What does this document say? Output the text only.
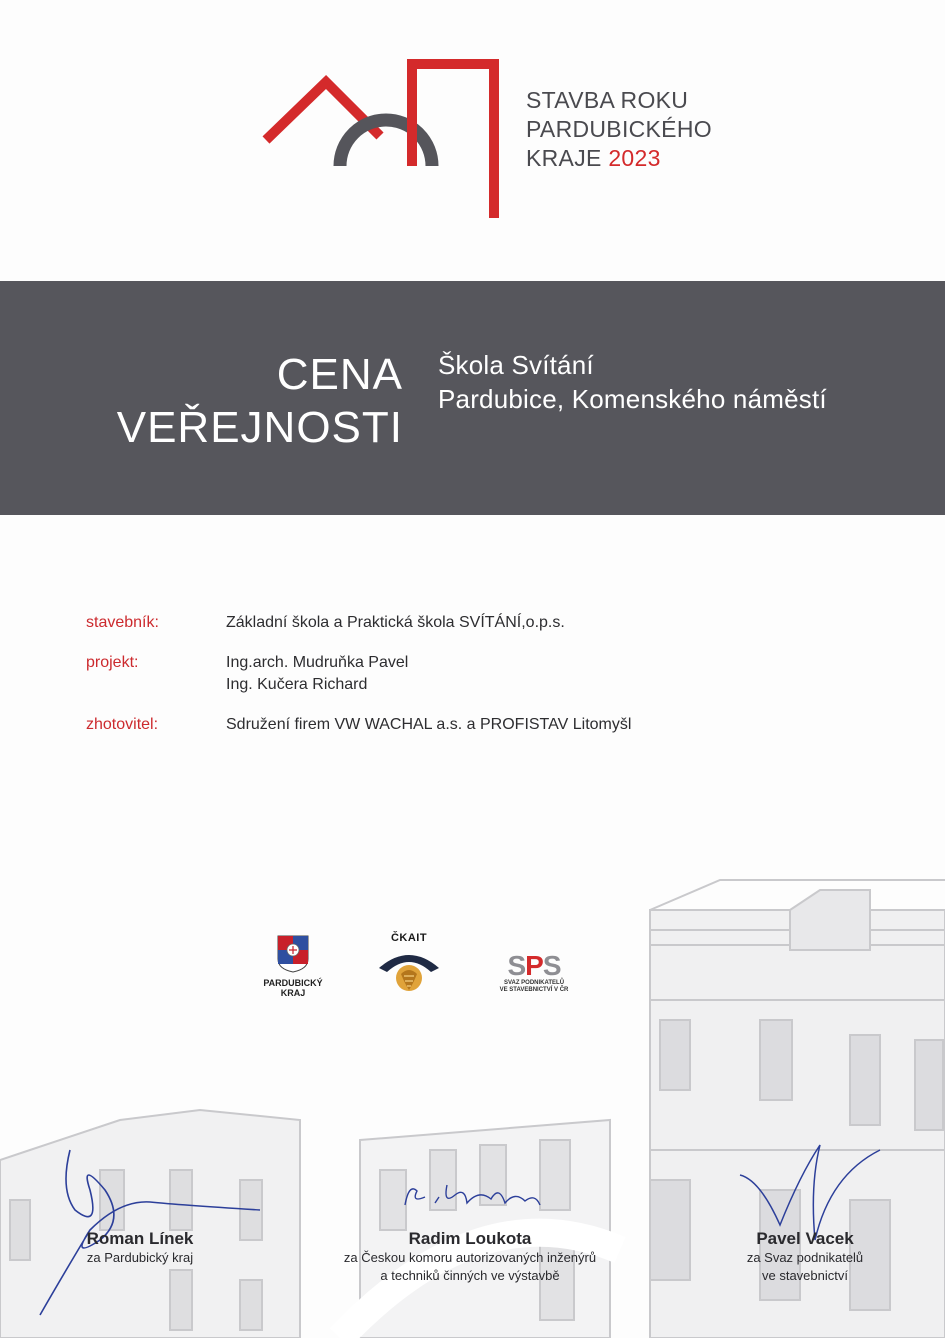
STAVBA ROKU
PARDUBICKÉHO
KRAJE 2023
CENA
VEŘEJNOSTI
Škola Svítání
Pardubice, Komenského náměstí
stavebník:	Základní škola a Praktická škola SVÍTÁNÍ,o.p.s.
projekt:	Ing.arch. Mudruňka Pavel
Ing. Kučera Richard
zhotovitel:	Sdružení firem VW WACHAL a.s. a PROFISTAV Litomyšl
PARDUBICKÝ
KRAJ
ČKAIT
SPS
SVAZ PODNIKATELŮ
VE STAVEBNICTVÍ V ČR
Roman Línek
za Pardubický kraj
Radim Loukota
za Českou komoru autorizovaných inženýrů
a techniků činných ve výstavbě
Pavel Vacek
za Svaz podnikatelů
ve stavebnictví
